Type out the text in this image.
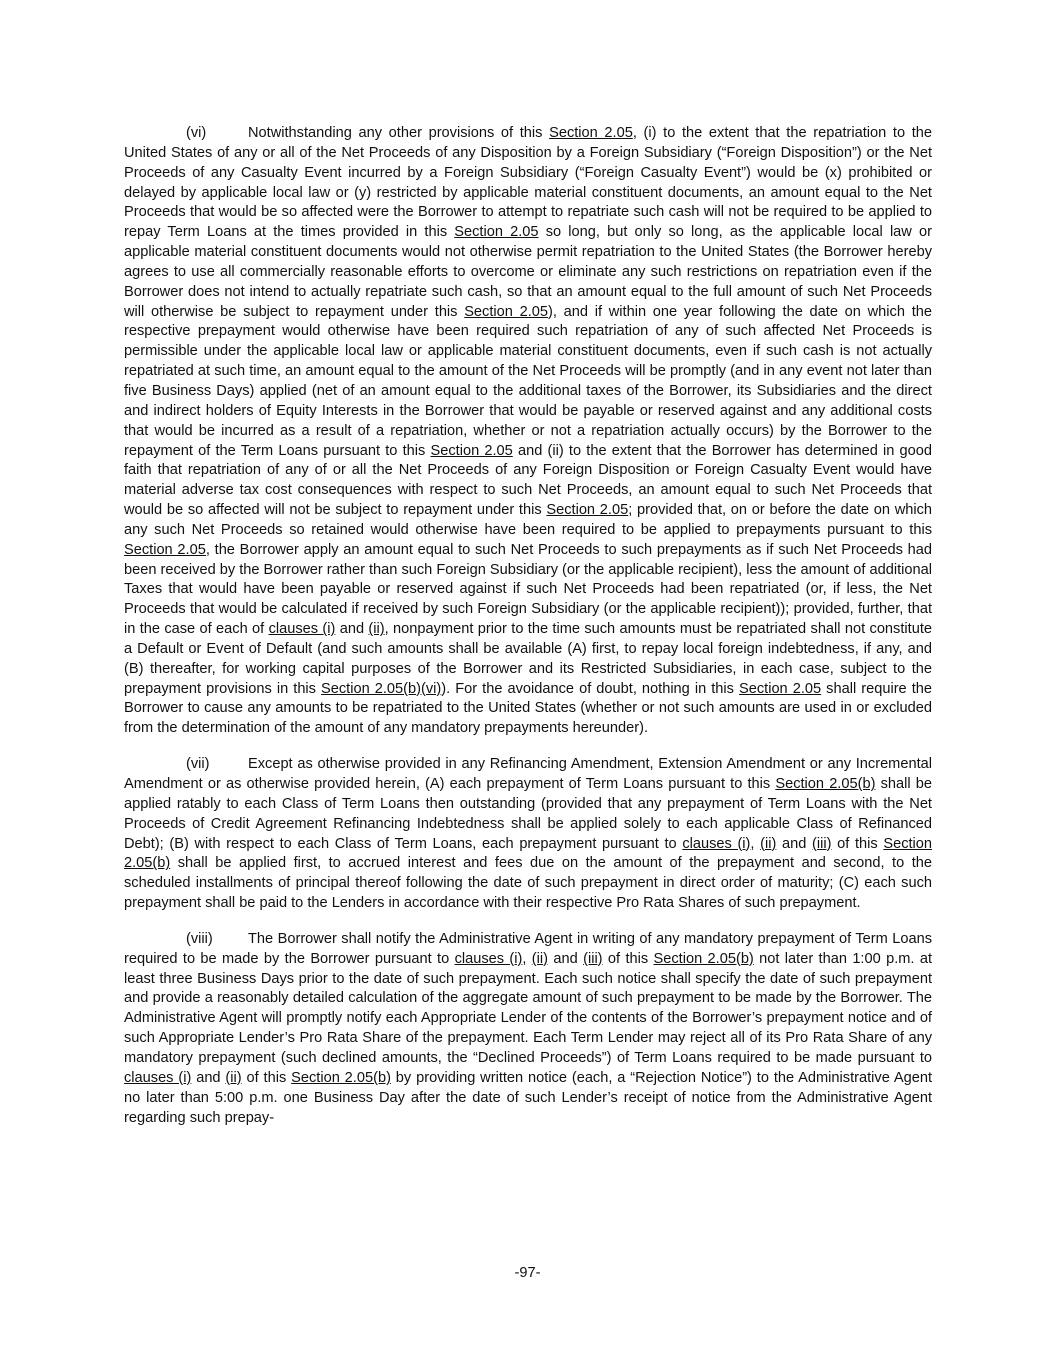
(vi)	Notwithstanding any other provisions of this Section 2.05, (i) to the extent that the repatriation to the United States of any or all of the Net Proceeds of any Disposition by a Foreign Subsidiary (“Foreign Disposition”) or the Net Proceeds of any Casualty Event incurred by a Foreign Subsidiary (“Foreign Casualty Event”) would be (x) prohibited or delayed by applicable local law or (y) restricted by applicable material constituent documents, an amount equal to the Net Proceeds that would be so affected were the Borrower to attempt to repatriate such cash will not be required to be applied to repay Term Loans at the times provided in this Section 2.05 so long, but only so long, as the applicable local law or applicable material constituent documents would not otherwise permit repatriation to the United States (the Borrower hereby agrees to use all commercially reasonable efforts to overcome or eliminate any such restrictions on repatriation even if the Borrower does not intend to actually repatriate such cash, so that an amount equal to the full amount of such Net Proceeds will otherwise be subject to repayment under this Section 2.05), and if within one year following the date on which the respective prepayment would otherwise have been required such repatriation of any of such affected Net Proceeds is permissible under the applicable local law or applicable material constituent documents, even if such cash is not actually repatriated at such time, an amount equal to the amount of the Net Proceeds will be promptly (and in any event not later than five Business Days) applied (net of an amount equal to the additional taxes of the Borrower, its Subsidiaries and the direct and indirect holders of Equity Interests in the Borrower that would be payable or reserved against and any additional costs that would be incurred as a result of a repatriation, whether or not a repatriation actually occurs) by the Borrower to the repayment of the Term Loans pursuant to this Section 2.05 and (ii) to the extent that the Borrower has determined in good faith that repatriation of any of or all the Net Proceeds of any Foreign Disposition or Foreign Casualty Event would have material adverse tax cost consequences with respect to such Net Proceeds, an amount equal to such Net Proceeds that would be so affected will not be subject to repayment under this Section 2.05; provided that, on or before the date on which any such Net Proceeds so retained would otherwise have been required to be applied to prepayments pursuant to this Section 2.05, the Borrower apply an amount equal to such Net Proceeds to such prepayments as if such Net Proceeds had been received by the Borrower rather than such Foreign Subsidiary (or the applicable recipient), less the amount of additional Taxes that would have been payable or reserved against if such Net Proceeds had been repatriated (or, if less, the Net Proceeds that would be calculated if received by such Foreign Subsidiary (or the applicable recipient)); provided, further, that in the case of each of clauses (i) and (ii), nonpayment prior to the time such amounts must be repatriated shall not constitute a Default or Event of Default (and such amounts shall be available (A) first, to repay local foreign indebtedness, if any, and (B) thereafter, for working capital purposes of the Borrower and its Restricted Subsidiaries, in each case, subject to the prepayment provisions in this Section 2.05(b)(vi)). For the avoidance of doubt, nothing in this Section 2.05 shall require the Borrower to cause any amounts to be repatriated to the United States (whether or not such amounts are used in or excluded from the determination of the amount of any mandatory prepayments hereunder).

(vii)	Except as otherwise provided in any Refinancing Amendment, Extension Amendment or any Incremental Amendment or as otherwise provided herein, (A) each prepayment of Term Loans pursuant to this Section 2.05(b) shall be applied ratably to each Class of Term Loans then outstanding (provided that any prepayment of Term Loans with the Net Proceeds of Credit Agreement Refinancing Indebtedness shall be applied solely to each applicable Class of Refinanced Debt); (B) with respect to each Class of Term Loans, each prepayment pursuant to clauses (i), (ii) and (iii) of this Section 2.05(b) shall be applied first, to accrued interest and fees due on the amount of the prepayment and second, to the scheduled installments of principal thereof following the date of such prepayment in direct order of maturity; (C) each such prepayment shall be paid to the Lenders in accordance with their respective Pro Rata Shares of such prepayment.

(viii) The Borrower shall notify the Administrative Agent in writing of any mandatory prepayment of Term Loans required to be made by the Borrower pursuant to clauses (i), (ii) and (iii) of this Section 2.05(b) not later than 1:00 p.m. at least three Business Days prior to the date of such prepayment. Each such notice shall specify the date of such prepayment and provide a reasonably detailed calculation of the aggregate amount of such prepayment to be made by the Borrower. The Administrative Agent will promptly notify each Appropriate Lender of the contents of the Borrower’s prepayment notice and of such Appropriate Lender’s Pro Rata Share of the prepayment. Each Term Lender may reject all of its Pro Rata Share of any mandatory prepayment (such declined amounts, the “Declined Proceeds”) of Term Loans required to be made pursuant to clauses (i) and (ii) of this Section 2.05(b) by providing written notice (each, a “Rejection Notice”) to the Administrative Agent no later than 5:00 p.m. one Business Day after the date of such Lender’s receipt of notice from the Administrative Agent regarding such prepay-

-97-
